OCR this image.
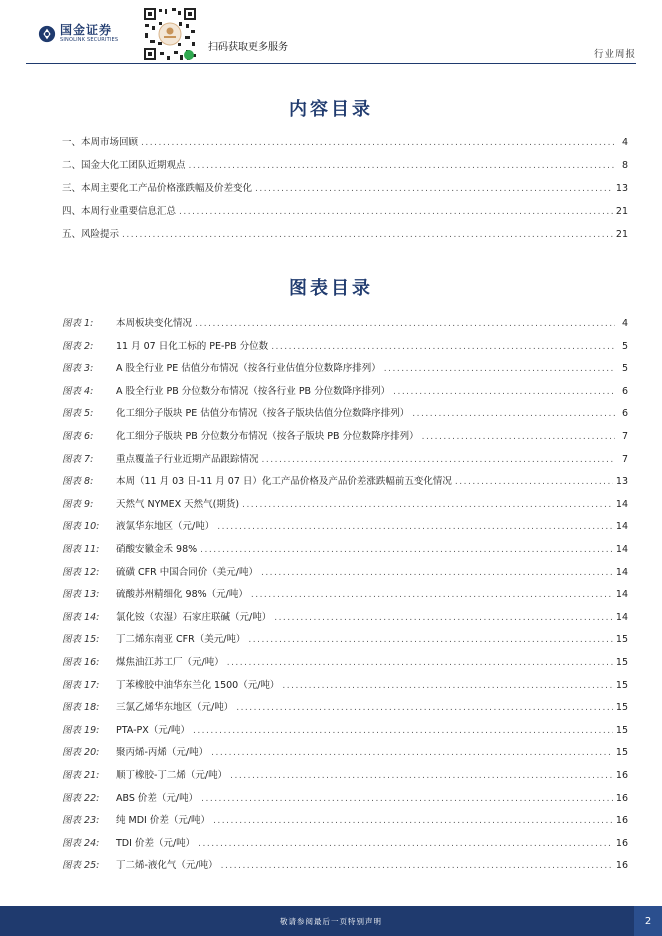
国金证券
SINOLINK SECURITIES
扫码获取更多服务
行业周报
内容目录
一、本周市场回顾 .....	4
二、国金大化工团队近期观点 .....	8
三、本周主要化工产品价格涨跌幅及价差变化 .....	13
四、本周行业重要信息汇总 .....	21
五、风险提示 .....	21
图表目录
图表 1:	本周板块变化情况 .....	4
图表 2:	11 月 07 日化工标的 PE-PB 分位数 .....	5
图表 3:	A 股全行业 PE 估值分布情况（按各行业估值分位数降序排列） .....	5
图表 4:	A 股全行业 PB 分位数分布情况（按各行业 PB 分位数降序排列） .....	6
图表 5:	化工细分子版块 PE 估值分布情况（按各子版块估值分位数降序排列） .....	6
图表 6:	化工细分子版块 PB 分位数分布情况（按各子版块 PB 分位数降序排列） .....	7
图表 7:	重点覆盖子行业近期产品跟踪情况 .....	7
图表 8:	本周（11 月 03 日-11 月 07 日）化工产品价格及产品价差涨跌幅前五变化情况 .....	13
图表 9:	天然气 NYMEX 天然气(期货) .....	14
图表 10:	液氯华东地区（元/吨） .....	14
图表 11:	硝酸安徽金禾 98% .....	14
图表 12:	硫磺 CFR 中国合同价（美元/吨） .....	14
图表 13:	硫酸苏州精细化 98%（元/吨） .....	14
图表 14:	氯化铵（农湿）石家庄联碱（元/吨） .....	14
图表 15:	丁二烯东南亚 CFR（美元/吨） .....	15
图表 16:	煤焦油江苏工厂（元/吨） .....	15
图表 17:	丁苯橡胶中油华东兰化 1500（元/吨） .....	15
图表 18:	三氯乙烯华东地区（元/吨） .....	15
图表 19:	PTA-PX（元/吨） .....	15
图表 20:	聚丙烯-丙烯（元/吨） .....	15
图表 21:	顺丁橡胶-丁二烯（元/吨） .....	16
图表 22:	ABS 价差（元/吨） .....	16
图表 23:	纯 MDI 价差（元/吨） .....	16
图表 24:	TDI 价差（元/吨） .....	16
图表 25:	丁二烯-液化气（元/吨） .....	16
敬请参阅最后一页特别声明	2
